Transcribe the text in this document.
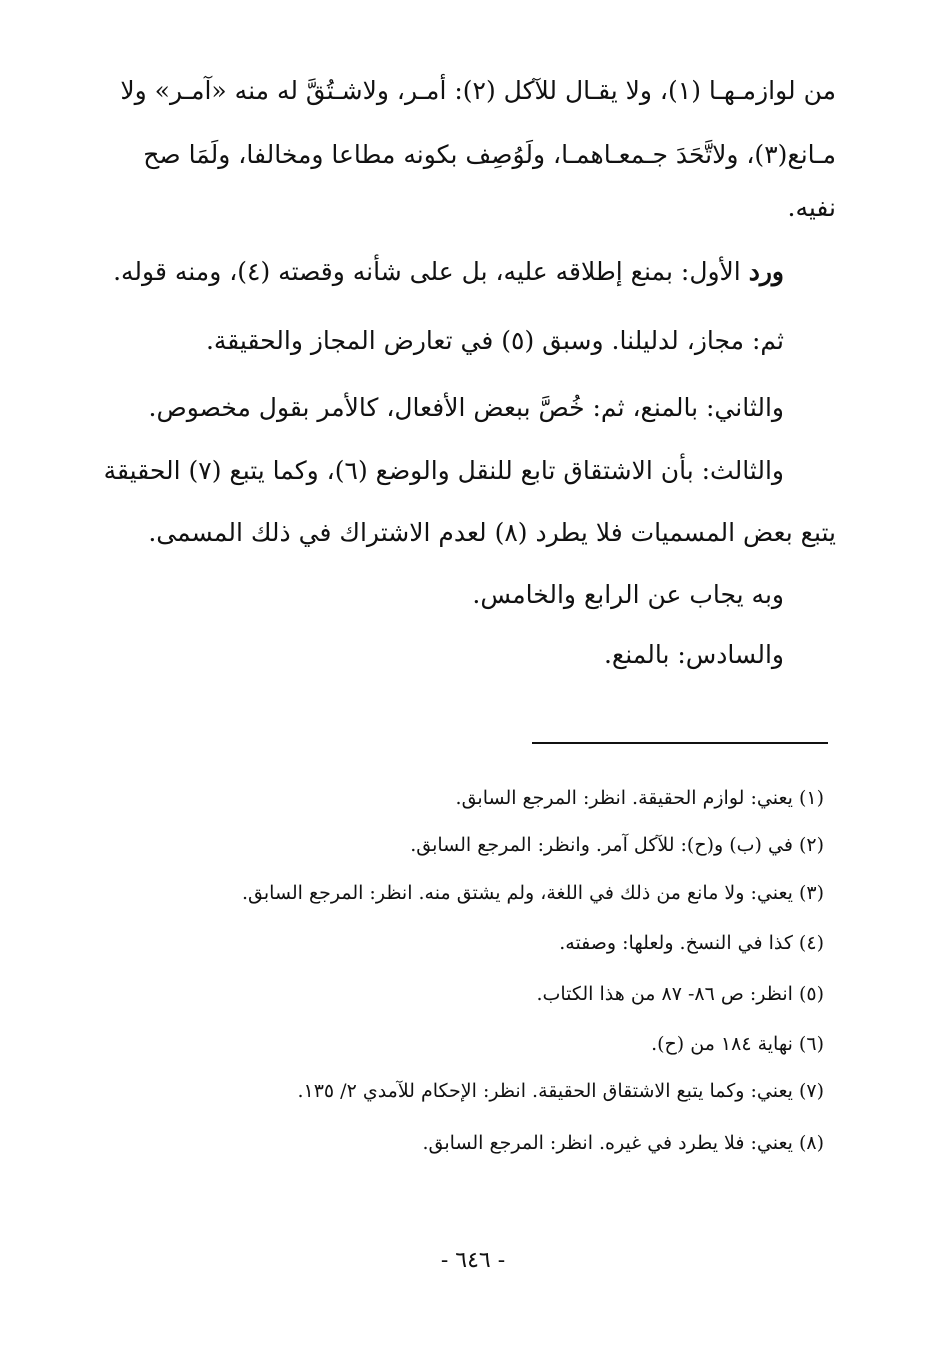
من لوازمـهـا (١)، ولا يقـال للآكل (٢): أمـر، ولاشـتُقَّ له منه «آمـر» ولا
مـانع(٣)، ولاتَّحَدَ جـمعـاهمـا، ولَوُصِف بكونه مطاعا ومخالفا، ولَمَا صح
نفيه.
ورد الأول: بمنع إطلاقه عليه، بل على شأنه وقصته (٤)، ومنه قوله.
ثم: مجاز، لدليلنا. وسبق (٥) في تعارض المجاز والحقيقة.
والثاني: بالمنع، ثم: خُصَّ ببعض الأفعال، كالأمر بقول مخصوص.
والثالث: بأن الاشتقاق تابع للنقل والوضع (٦)، وكما يتبع (٧) الحقيقة
يتبع بعض المسميات فلا يطرد (٨) لعدم الاشتراك في ذلك المسمى.
وبه يجاب عن الرابع والخامس.
والسادس: بالمنع.
(١) يعني: لوازم الحقيقة. انظر: المرجع السابق.
(٢) في (ب) و(ح): للآكل آمر. وانظر: المرجع السابق.
(٣) يعني: ولا مانع من ذلك في اللغة، ولم يشتق منه. انظر: المرجع السابق.
(٤) كذا في النسخ. ولعلها: وصفته.
(٥) انظر: ص ٨٦- ٨٧ من هذا الكتاب.
(٦) نهاية ١٨٤ من (ح).
(٧) يعني: وكما يتبع الاشتقاق الحقيقة. انظر: الإحكام للآمدي ٢/ ١٣٥.
(٨) يعني: فلا يطرد في غيره. انظر: المرجع السابق.
- ٦٤٦ -
